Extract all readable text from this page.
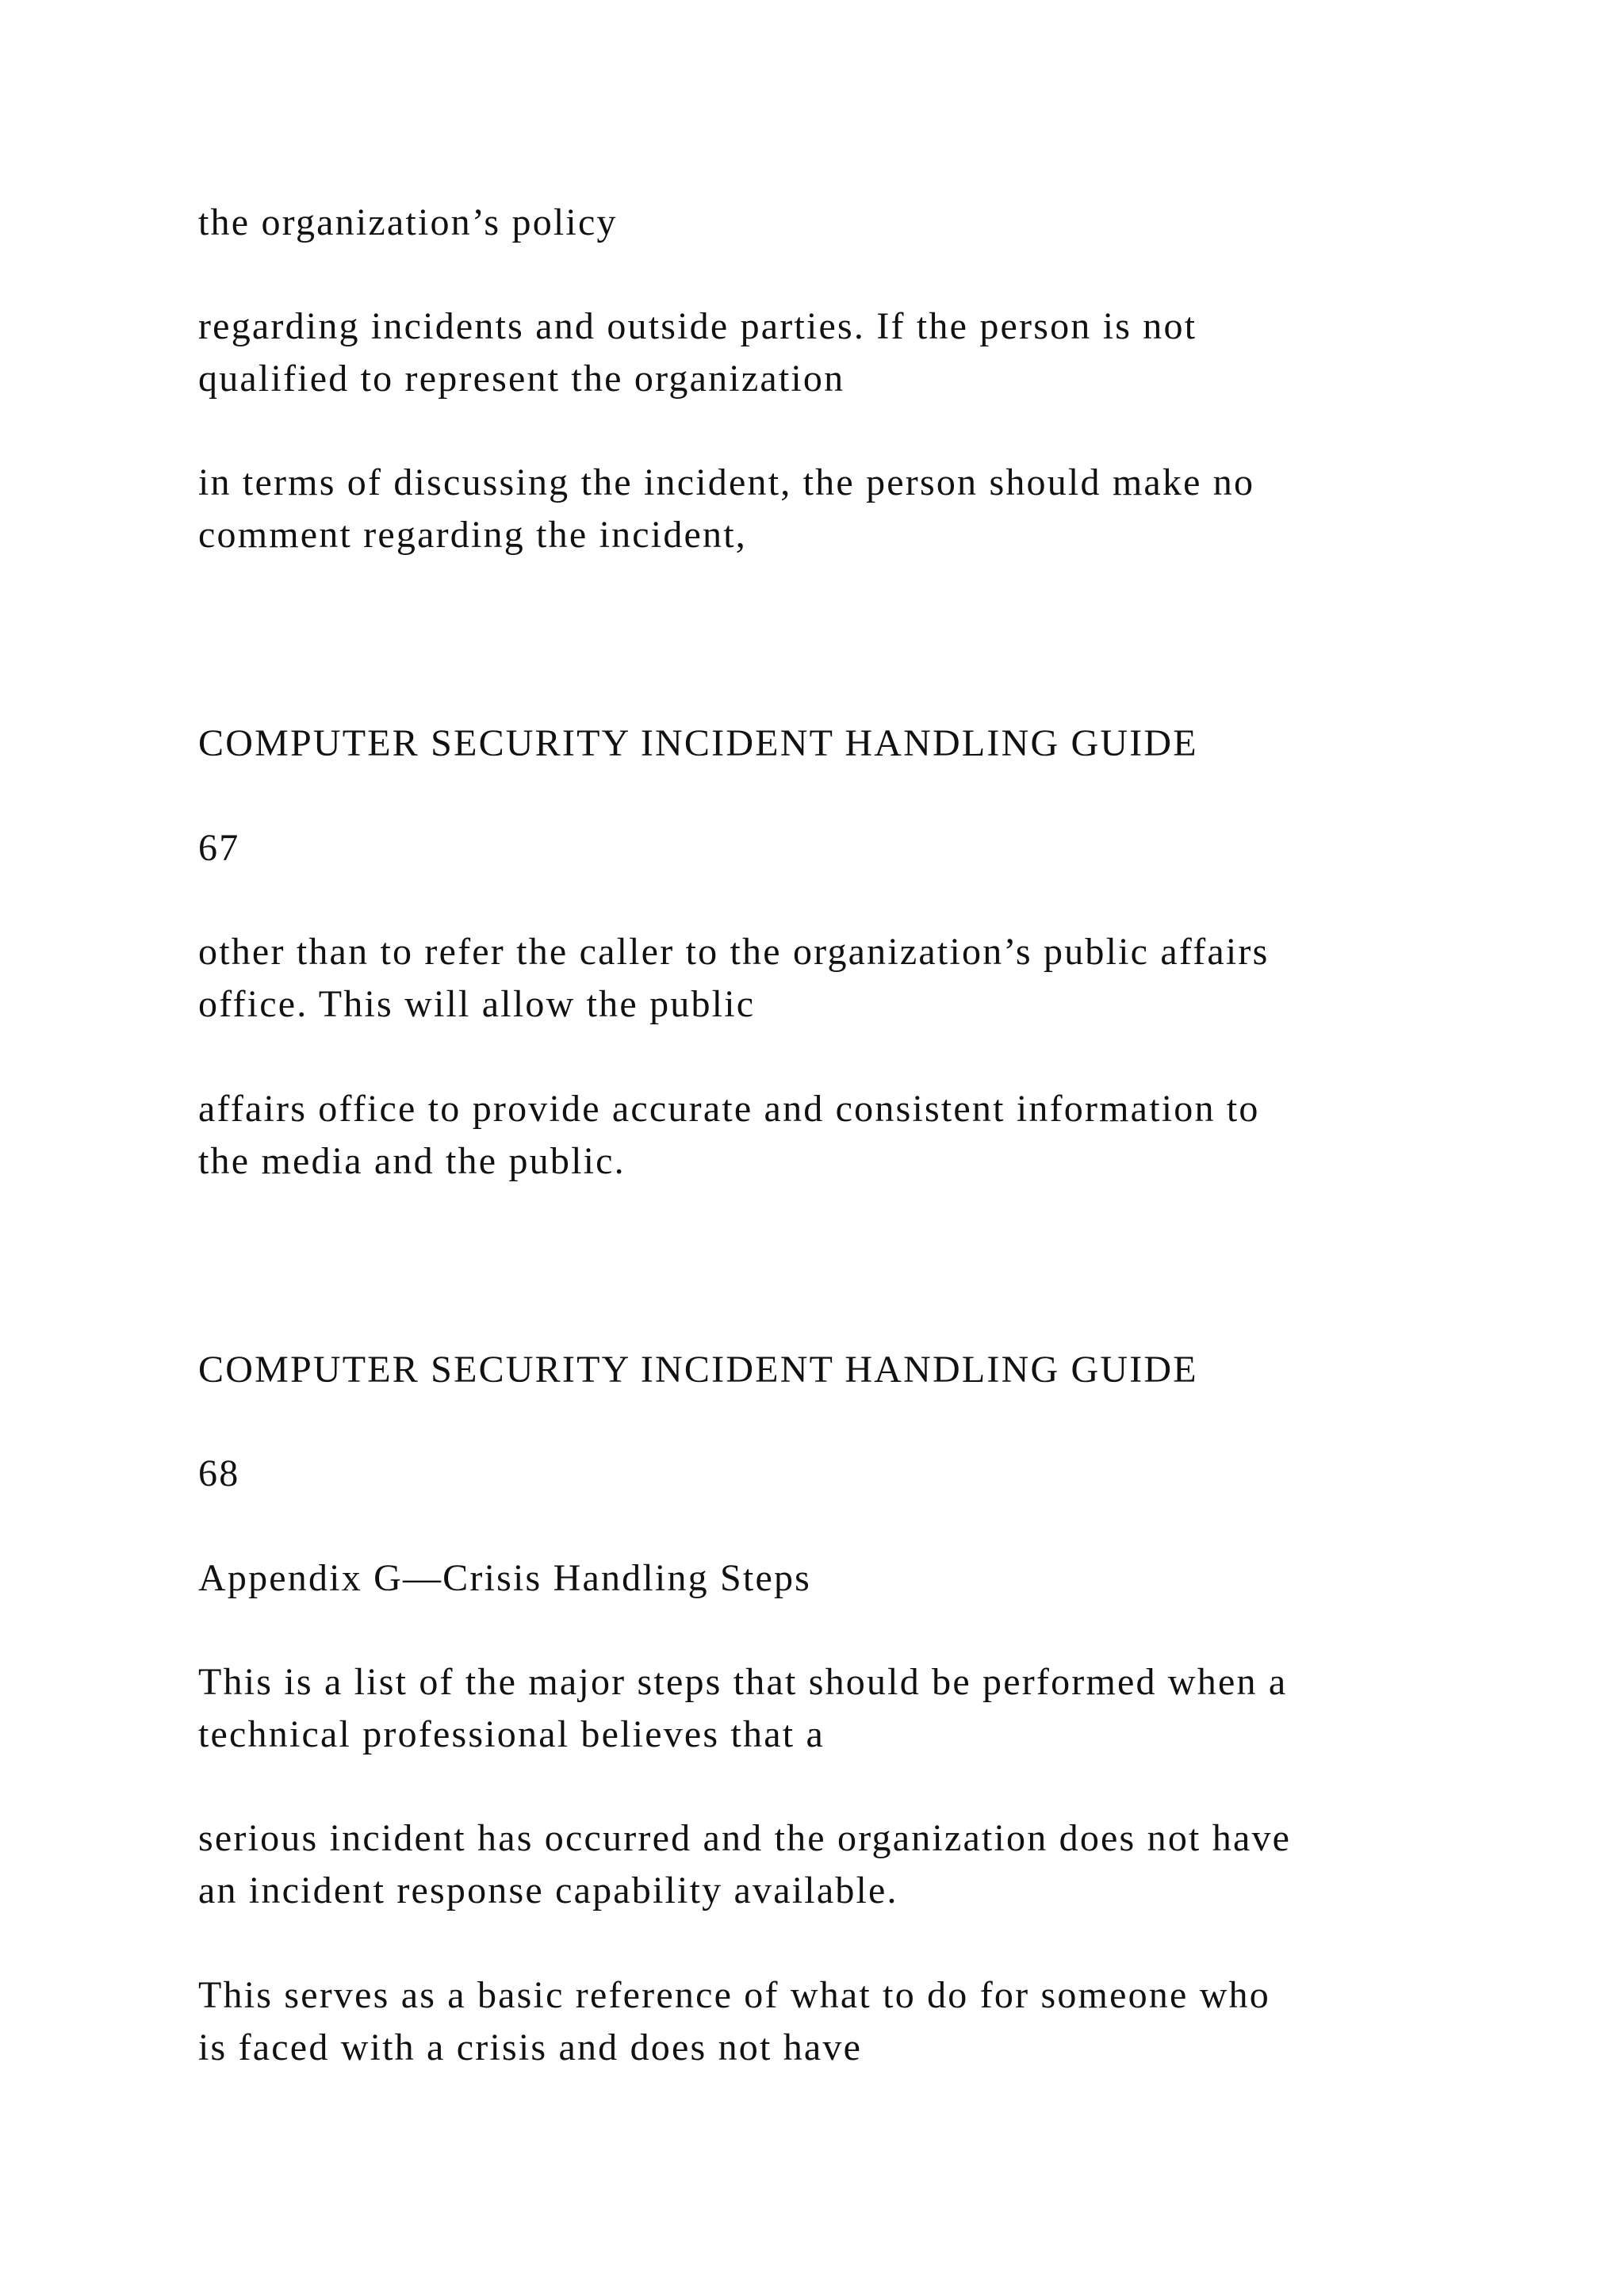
the organization’s policy

regarding incidents and outside parties. If the person is not
qualified to represent the organization

in terms of discussing the incident, the person should make no
comment regarding the incident,

COMPUTER SECURITY INCIDENT HANDLING GUIDE

67

other than to refer the caller to the organization’s public affairs
office. This will allow the public

affairs office to provide accurate and consistent information to
the media and the public.

COMPUTER SECURITY INCIDENT HANDLING GUIDE

68

Appendix G—Crisis Handling Steps

This is a list of the major steps that should be performed when a
technical professional believes that a

serious incident has occurred and the organization does not have
an incident response capability available.

This serves as a basic reference of what to do for someone who
is faced with a crisis and does not have
